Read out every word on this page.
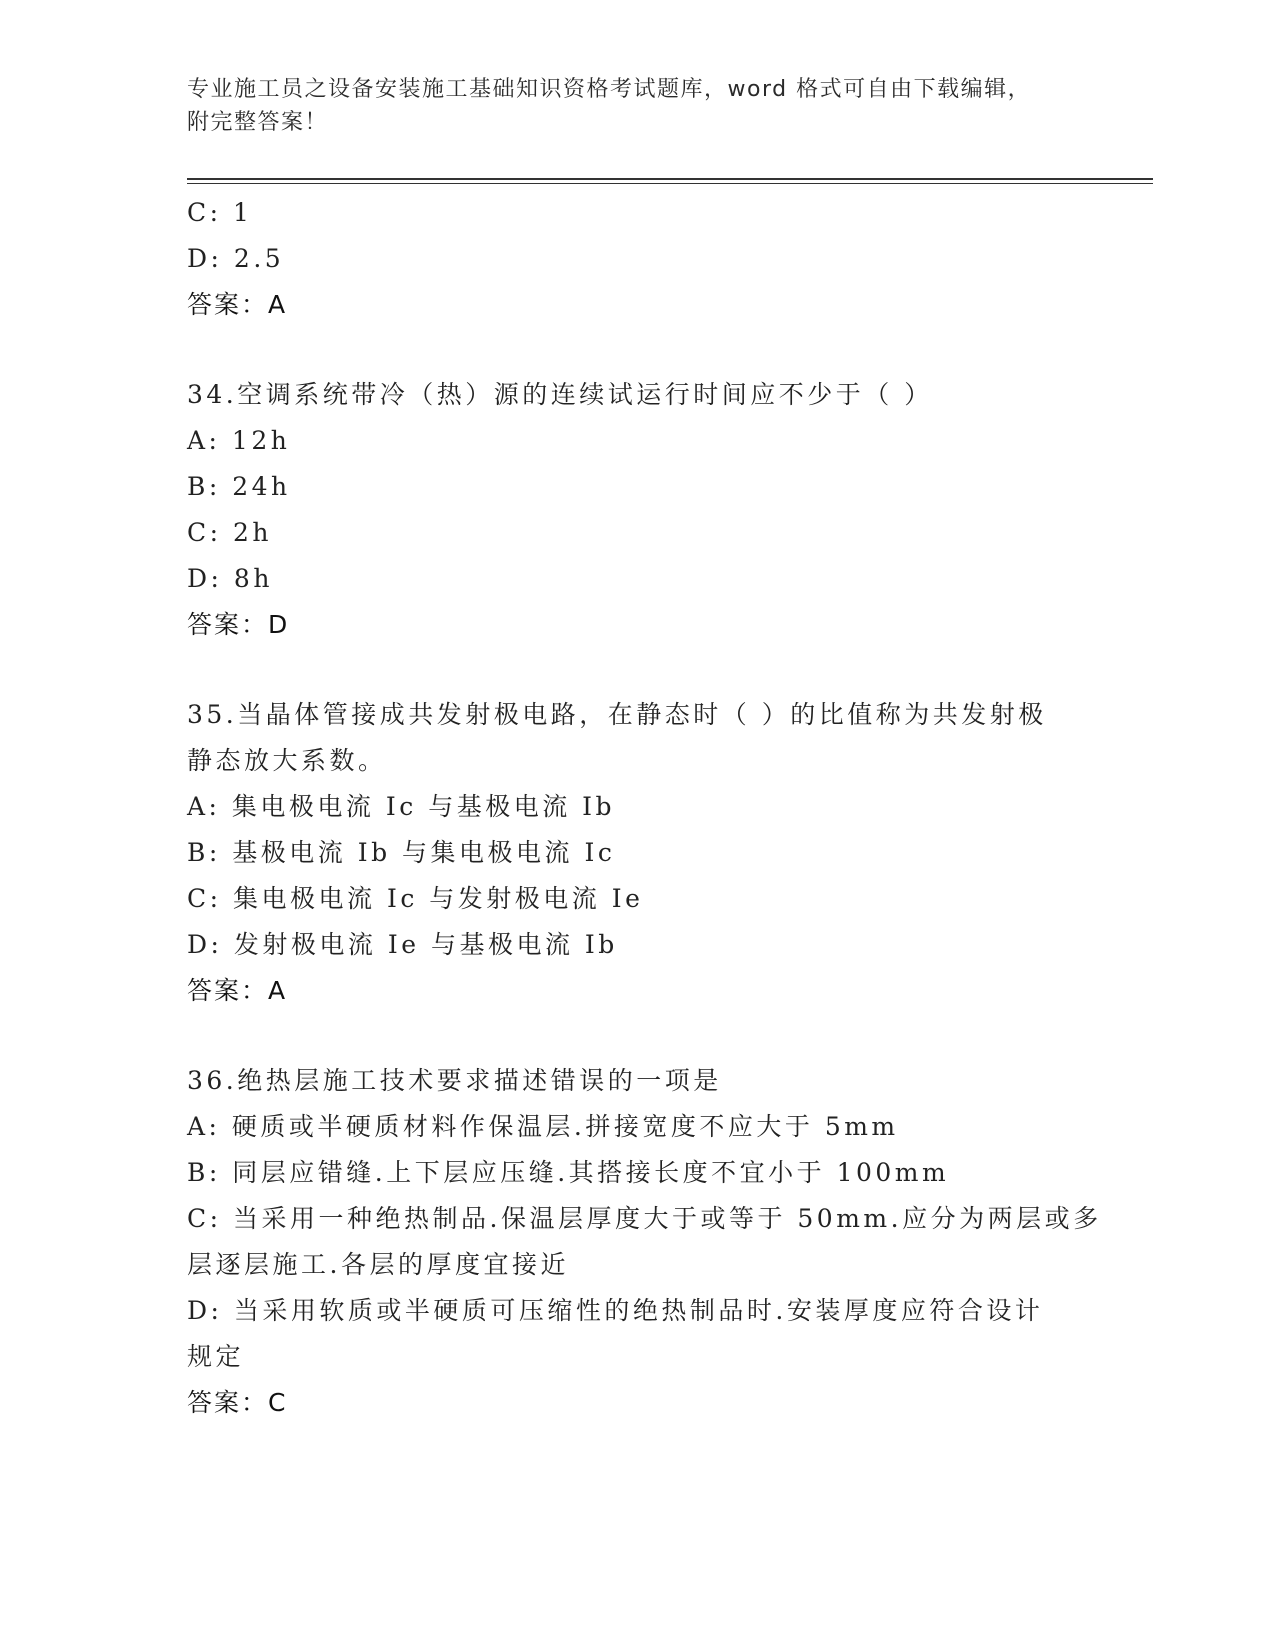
专业施工员之设备安装施工基础知识资格考试题库，word 格式可自由下载编辑，
附完整答案！
C: 1
D: 2.5
答案：A
34.空调系统带冷（热）源的连续试运行时间应不少于（ ）
A: 12h
B: 24h
C: 2h
D: 8h
答案：D
35.当晶体管接成共发射极电路，在静态时（ ）的比值称为共发射极
静态放大系数。
A: 集电极电流 Ic 与基极电流 Ib
B: 基极电流 Ib 与集电极电流 Ic
C: 集电极电流 Ic 与发射极电流 Ie
D: 发射极电流 Ie 与基极电流 Ib
答案：A
36.绝热层施工技术要求描述错误的一项是
A: 硬质或半硬质材料作保温层.拼接宽度不应大于 5mm
B: 同层应错缝.上下层应压缝.其搭接长度不宜小于 100mm
C: 当采用一种绝热制品.保温层厚度大于或等于 50mm.应分为两层或多
层逐层施工.各层的厚度宜接近
D: 当采用软质或半硬质可压缩性的绝热制品时.安装厚度应符合设计
规定
答案：C
